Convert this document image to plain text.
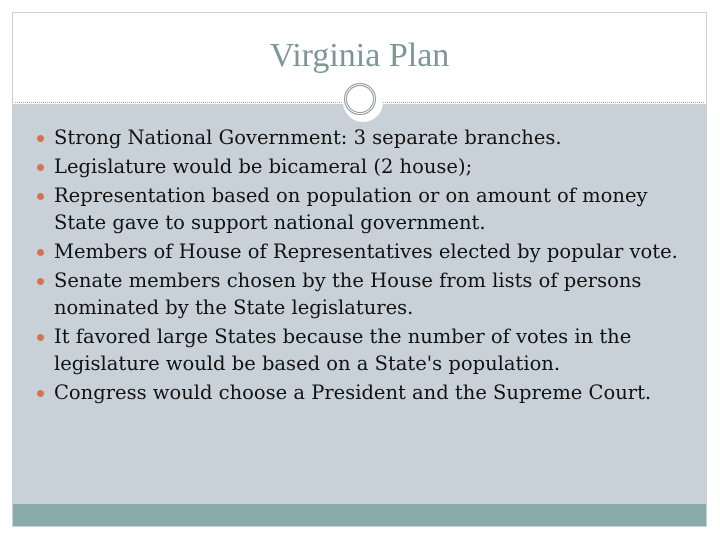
Virginia Plan
Strong National Government: 3 separate branches.
Legislature would be bicameral (2 house);
Representation based on population or on amount of money State gave to support national government.
Members of House of Representatives elected by popular vote.
Senate members chosen by the House from lists of persons nominated by the State legislatures.
It favored large States because the number of votes in the legislature would be based on a State's population.
Congress would choose a President and the Supreme Court.
